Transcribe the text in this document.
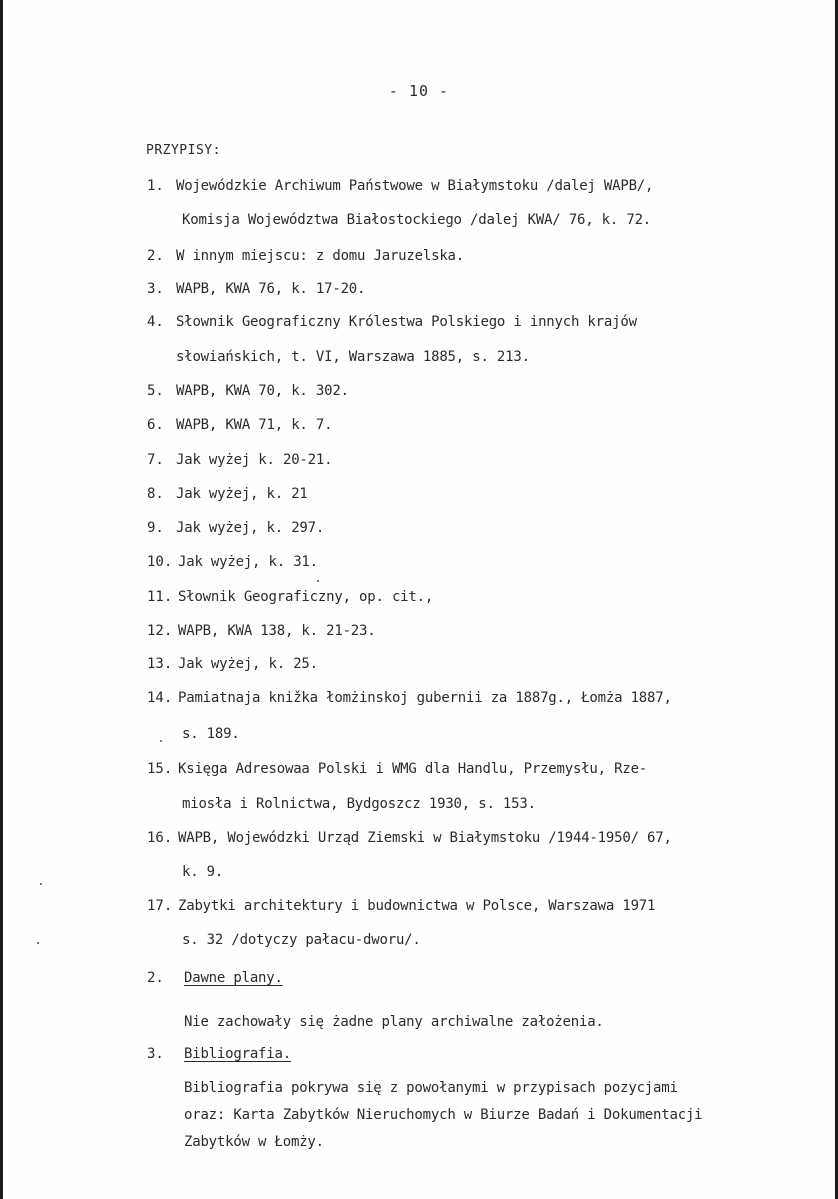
- 10 -
PRZYPISY:
1. Wojewódzkie Archiwum Państwowe w Białymstoku /dalej WAPB/,
Komisja Województwa Białostockiego /dalej KWA/ 76, k. 72.
2. W innym miejscu: z domu Jaruzelska.
3. WAPB, KWA 76, k. 17-20.
4. Słownik Geograficzny Królestwa Polskiego i innych krajów
słowiańskich, t. VI, Warszawa 1885, s. 213.
5. WAPB, KWA 70, k. 302.
6. WAPB, KWA 71, k. 7.
7. Jak wyżej k. 20-21.
8. Jak wyżej, k. 21
9. Jak wyżej, k. 297.
10. Jak wyżej, k. 31.
11. Słownik Geograficzny, op. cit.,
12. WAPB, KWA 138, k. 21-23.
13. Jak wyżej, k. 25.
14. Pamiatnaja knižka łomżinskoj gubernii za 1887g., Łomża 1887,
s. 189.
15. Księga Adresowaa Polski i WMG dla Handlu, Przemysłu, Rze-
miosła i Rolnictwa, Bydgoszcz 1930, s. 153.
16. WAPB, Wojewódzki Urząd Ziemski w Białymstoku /1944-1950/ 67,
k. 9.
17. Zabytki architektury i budownictwa w Polsce, Warszawa 1971
s. 32 /dotyczy pałacu-dworu/.
2. Dawne plany.
Nie zachowały się żadne plany archiwalne założenia.
3. Bibliografia.
Bibliografia pokrywa się z powołanymi w przypisach pozycjami
oraz: Karta Zabytków Nieruchomych w Biurze Badań i Dokumentacji
Zabytków w Łomży.
